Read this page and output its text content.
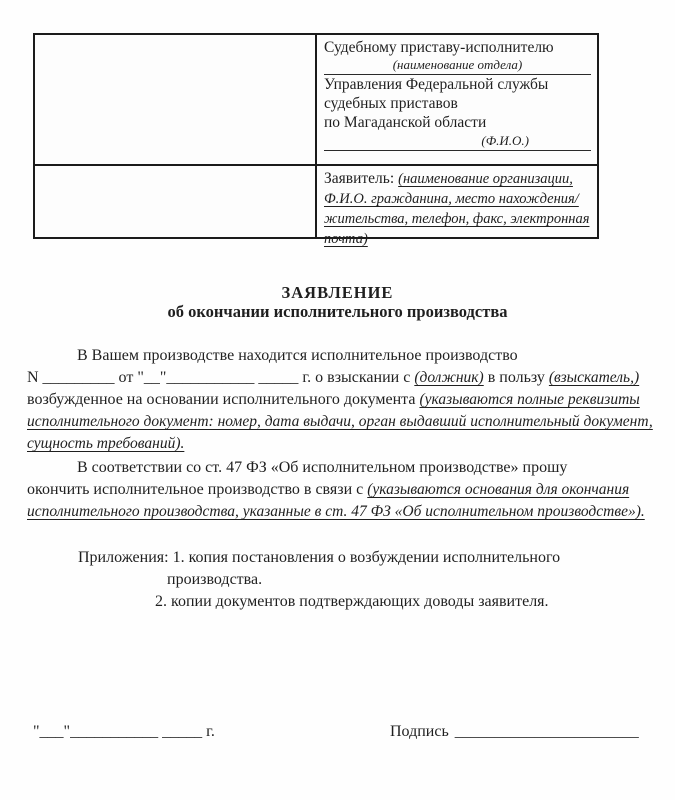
Судебному приставу-исполнителю
(наименование отдела)
Управления Федеральной службы
судебных приставов
по Магаданской области
(Ф.И.О.)
Заявитель: (наименование организации, Ф.И.О. гражданина, место нахождения/жительства, телефон, факс, электронная почта)
ЗАЯВЛЕНИЕ
об окончании исполнительного производства
В Вашем производстве находится исполнительное производство
N _________ от "__"___________ _____ г. о взыскании с (должник) в пользу (взыскатель,)
возбужденное на основании исполнительного документа (указываются полные реквизиты
исполнительного документ: номер, дата выдачи, орган выдавший исполнительный документ,
сущность требований).
В соответствии со ст. 47 ФЗ «Об исполнительном производстве» прошу
окончить исполнительное производство в связи с (указываются основания для окончания
исполнительного производства, указанные в ст. 47 ФЗ «Об исполнительном производстве»).
Приложения: 1. копия постановления о возбуждении исполнительного
производства.
2. копии документов подтверждающих доводы заявителя.
"___"___________ _____ г.	Подпись _______________________
